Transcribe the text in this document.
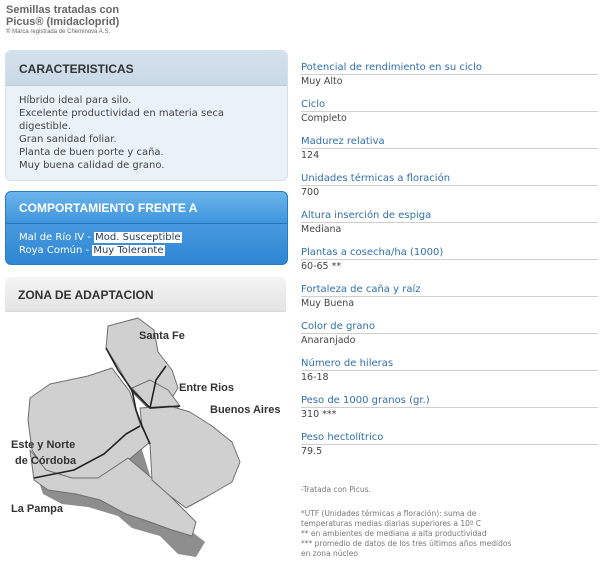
Semillas tratadas con
Picus® (Imidacloprid)
® Marca registrada de Cheminova A.S.
CARACTERISTICAS
Híbrido ideal para silo.
Excelente productividad en materia seca
digestible.
Gran sanidad foliar.
Planta de buen porte y caña.
Muy buena calidad de grano.
COMPORTAMIENTO FRENTE A
Mal de Río IV - Mod. Susceptible
Roya Común - Muy Tolerante
ZONA DE ADAPTACION
Santa Fe
Entre Rios
Buenos Aires
Este y Norte
de Córdoba
La Pampa
Potencial de rendimiento en su ciclo
Muy Alto
Ciclo
Completo
Madurez relativa
124
Unidades térmicas a floración
700
Altura inserción de espiga
Mediana
Plantas a cosecha/ha (1000)
60-65 **
Fortaleza de caña y raíz
Muy Buena
Color de grano
Anaranjado
Número de hileras
16-18
Peso de 1000 granos (gr.)
310 ***
Peso hectolítrico
79.5

-Tratada con Picus.

*UTF (Unidades térmicas a floración): suma de

temperaturas medias diarias superiores a 10º C

** en ambientes de mediana a alta productividad

*** promedio de datos de los tres últimos años medidos

en zona núcleo
